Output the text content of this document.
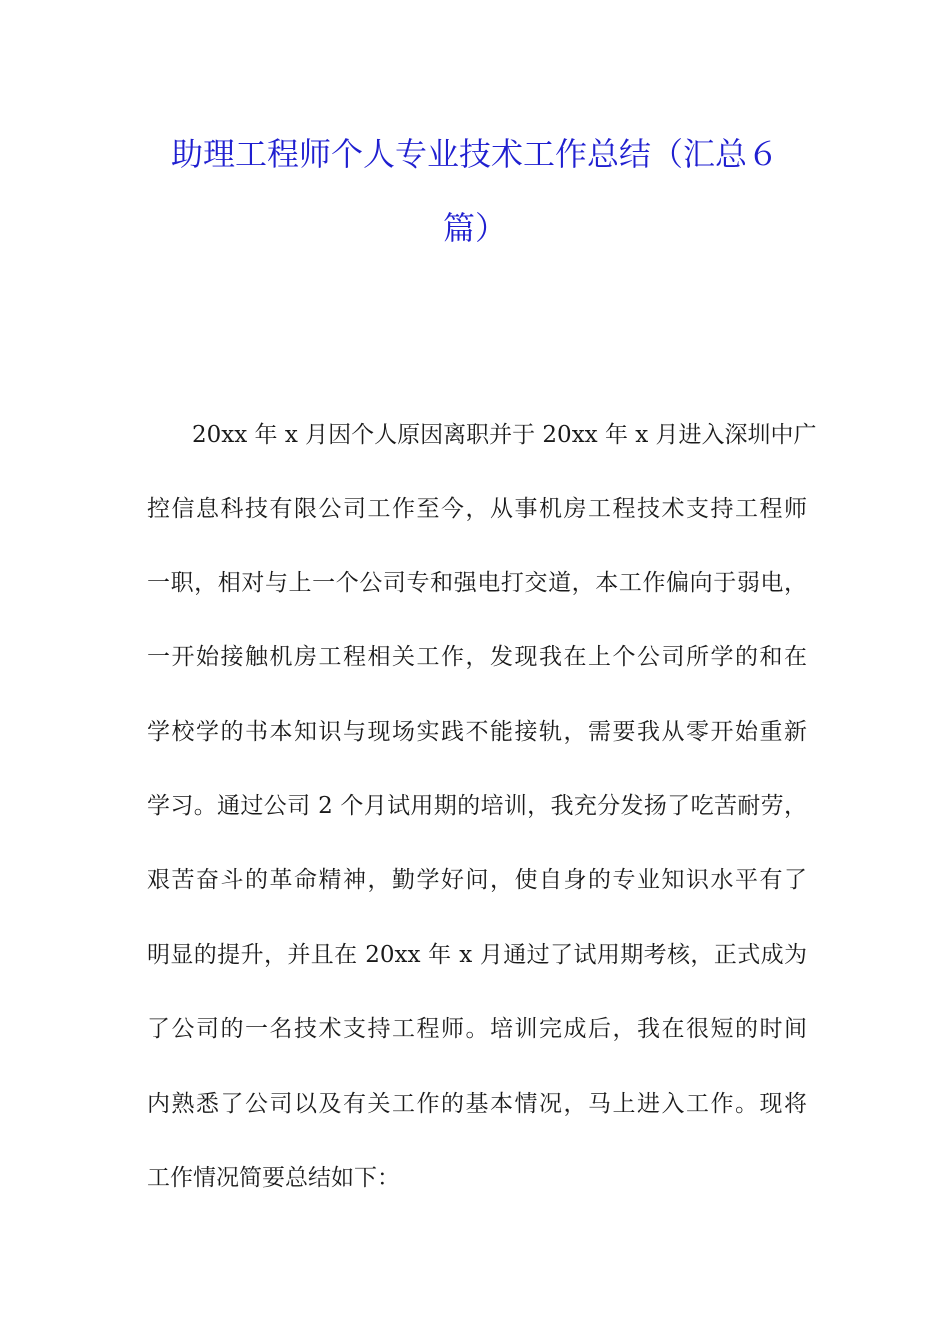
助理工程师个人专业技术工作总结（汇总６
篇）
20xx 年 x 月因个人原因离职并于 20xx 年 x 月进入深圳中广
控信息科技有限公司工作至今，从事机房工程技术支持工程师
一职，相对与上一个公司专和强电打交道，本工作偏向于弱电，
一开始接触机房工程相关工作，发现我在上个公司所学的和在
学校学的书本知识与现场实践不能接轨，需要我从零开始重新
学习。通过公司 2 个月试用期的培训，我充分发扬了吃苦耐劳，
艰苦奋斗的革命精神，勤学好问，使自身的专业知识水平有了
明显的提升，并且在 20xx 年 x 月通过了试用期考核，正式成为
了公司的一名技术支持工程师。培训完成后，我在很短的时间
内熟悉了公司以及有关工作的基本情况，马上进入工作。现将
工作情况简要总结如下：
